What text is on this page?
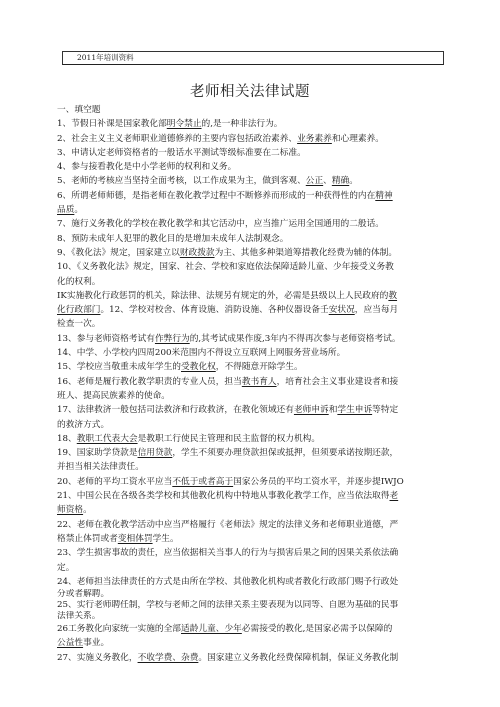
2011年培训资料
老师相关法律试题
一、填空题
1、节假日补课是国家教化部明令禁止的,是一种非法行为。
2、社会主义主义老师职业道德修养的主要内容包括政治素养、业务素养和心理素养。
3、申请认定老师资格者的一般话水平测试等级标准要在二标准。
4、参与接看教化是中小学老师的权利和义务。
5、老师的考核应当坚持全面考核，以工作成果为主，做到客观、公正、精确。
6、所谓老师师德，是指老师在教化教学过程中不断修养而形成的一种获得性的内在精神
品质。
7、施行义务教化的学校在教化教学和其它活动中，应当推广运用全国通用的二般话。
8、预防未成年人犯罪的教化目的是增加未成年人法制观念。
9、《教化法》规定，国家建立以财政拨款为主、其他多种渠道筹措教化经费为辅的体制。
10、《义务教化法》规定，国家、社会、学校和家庭依法保障适龄儿童、少年接受义务教
化的权利。
IK实施教化行政惩罚的机关，除法律、法规另有规定的外，必需是县级以上人民政府的教
化行政部门。12、学校对校舍、体育设施、消防设施、各种仪器设备壬安状况，应当每月
检查一次。
13、参与老师资格考试有作弊行为的,其考试成果作废,3年内不得再次参与老师资格考试。
14、中学、小学校内四周200米范围内不得设立互联网上网服务营业场所。
15、学校应当敬重未成年学生的受教化权，不得随意开除学生。
16、老师是履行教化教学职责的专业人员，担当教书育人，培育社会主义事业建设者和接
班人、提高民族素养的使命。
17、法律救济一般包括司法救济和行政救济，在教化领域还有老师申诉和学生申诉等特定
的救济方式。
18、教职工代表大会是教职工行使民主管理和民主监督的权力机构。
19、国家助学贷款是信用贷款，学生不须要办理贷款担保或抵押，但须要承诺按期还款，
并担当相关法律责任。
20、老师的平均工资水平应当不低于或者高于国家公务员的平均工资水平，并逐步提IWJO
21、中国公民在各级各类学校和其他教化机构中特地从事教化教学工作，应当依法取得老
师资格。
22、老师在教化教学活动中应当严格履行《老师法》规定的法律义务和老师职业道德，严
格禁止体罚或者变相体罚学生。
23、学生损害事故的责任，应当依据相关当事人的行为与损害后果之间的因果关系依法确
定。
24、老师担当法律责任的方式是由所在学校、其他教化机构或者教化行政部门赐予行政处
分或者解聘。
25、实行老师聘任制，学校与老师之间的法律关系主要表现为以同等、自愿为基础的民事
法律关系。
26工务教化向家统一实施的全部适龄儿童、少年必需接受的教化,是国家必需予以保障的
公益性事业。
27、实施义务教化，不收学费、杂费。国家建立义务教化经费保障机制，保证义务教化制
